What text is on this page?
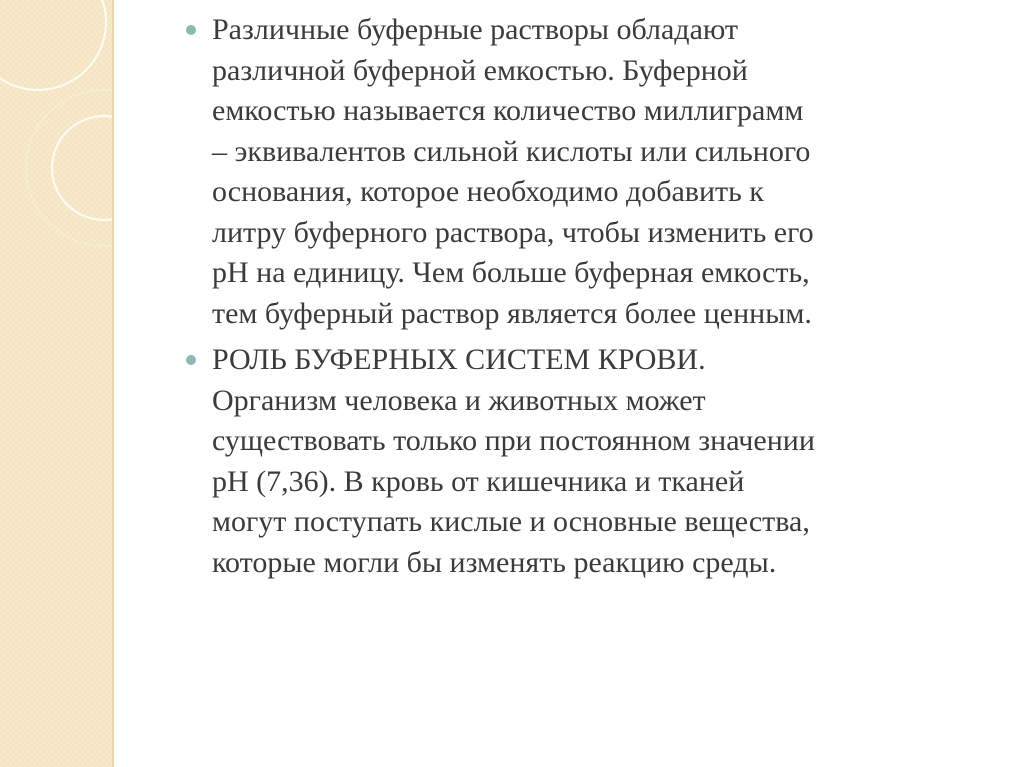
Различные буферные растворы обладают
различной буферной емкостью. Буферной
емкостью называется количество миллиграмм
– эквивалентов сильной кислоты или сильного
основания, которое необходимо добавить к
литру буферного раствора, чтобы изменить его
pH на единицу. Чем больше буферная емкость,
тем буферный раствор является более ценным.
РОЛЬ БУФЕРНЫХ СИСТЕМ КРОВИ.
Организм человека и животных может
существовать только при постоянном значении
pH (7,36). В кровь от кишечника и тканей
могут поступать кислые и основные вещества,
которые могли бы изменять реакцию среды.
